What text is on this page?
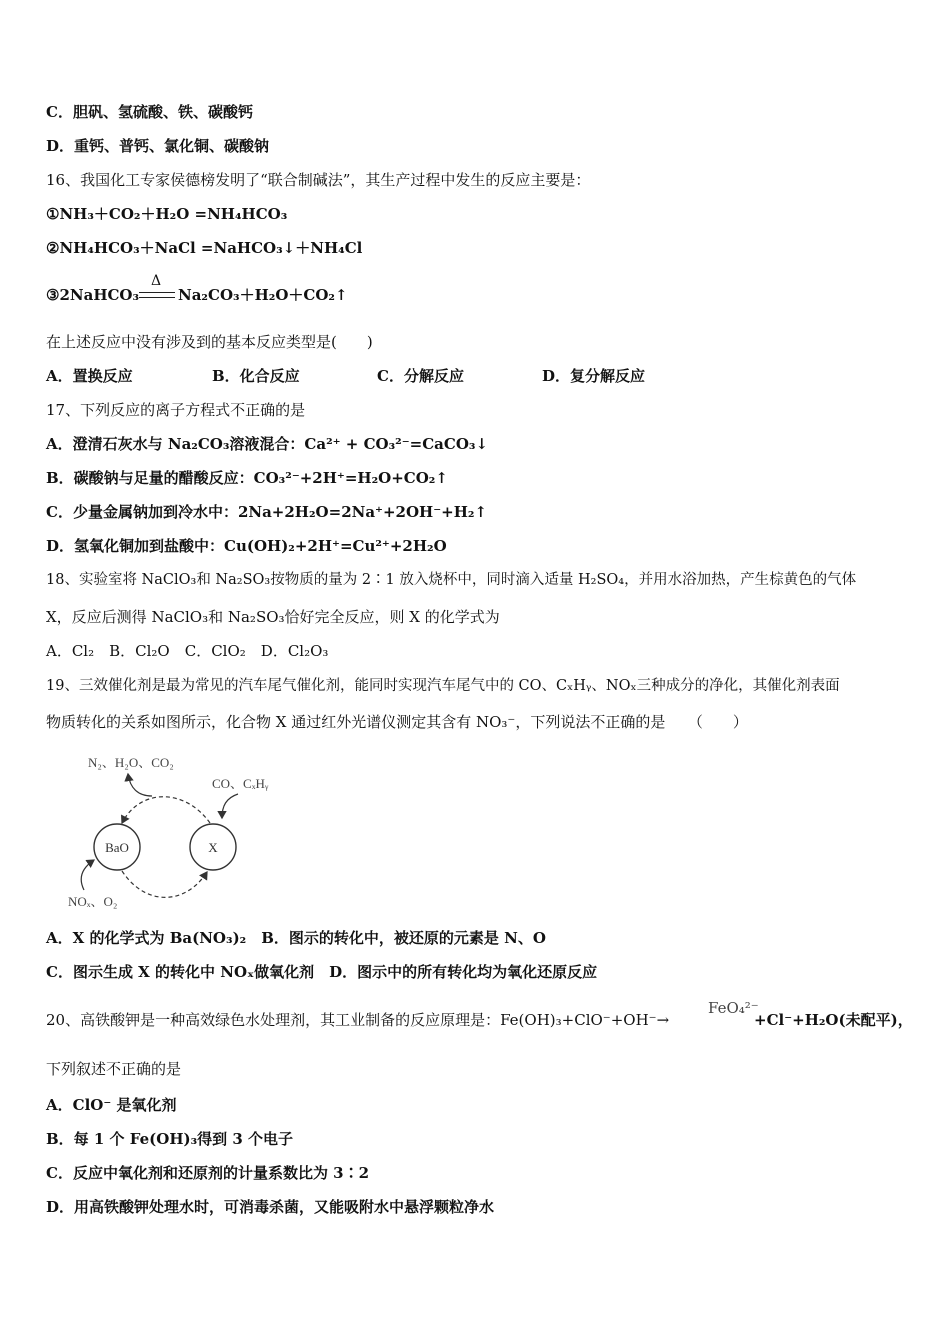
C．胆矾、氢硫酸、铁、碳酸钙
D．重钙、普钙、氯化铜、碳酸钠
16、我国化工专家侯德榜发明了“联合制碱法”，其生产过程中发生的反应主要是：
①NH₃＋CO₂＋H₂O =NH₄HCO₃
②NH₄HCO₃＋NaCl =NaHCO₃↓＋NH₄Cl
③2NaHCO₃
Δ
Na₂CO₃＋H₂O＋CO₂↑
在上述反应中没有涉及到的基本反应类型是(　　)
A．置换反应	B．化合反应	C．分解反应	D．复分解反应
17、下列反应的离子方程式不正确的是
A．澄清石灰水与 Na₂CO₃溶液混合：Ca²⁺ + CO₃²⁻=CaCO₃↓
B．碳酸钠与足量的醋酸反应：CO₃²⁻+2H⁺=H₂O+CO₂↑
C．少量金属钠加到冷水中：2Na+2H₂O=2Na⁺+2OH⁻+H₂↑
D．氢氧化铜加到盐酸中：Cu(OH)₂+2H⁺=Cu²⁺+2H₂O
18、实验室将 NaClO₃和 Na₂SO₃按物质的量为 2∶1 放入烧杯中，同时滴入适量 H₂SO₄，并用水浴加热，产生棕黄色的气体
X，反应后测得 NaClO₃和 Na₂SO₃恰好完全反应，则 X 的化学式为
A．Cl₂　B．Cl₂O　C．ClO₂　D．Cl₂O₃
19、三效催化剂是最为常见的汽车尾气催化剂，能同时实现汽车尾气中的 CO、CₓHᵧ、NOₓ三种成分的净化，其催化剂表面
物质转化的关系如图所示，化合物 X 通过红外光谱仪测定其含有 NO₃⁻，下列说法不正确的是　　（　　）
N₂、H₂O、CO₂
CO、CₓHᵧ
BaO	X
NOₓ、O₂
A．X 的化学式为 Ba(NO₃)₂　B．图示的转化中，被还原的元素是 N、O
C．图示生成 X 的转化中 NOₓ做氧化剂　D．图示中的所有转化均为氧化还原反应
20、高铁酸钾是一种高效绿色水处理剂，其工业制备的反应原理是：Fe(OH)₃+ClO⁻+OH⁻→
FeO₄²⁻
+Cl⁻+H₂O(未配平)，
下列叙述不正确的是
A．ClO⁻ 是氧化剂
B．每 1 个 Fe(OH)₃得到 3 个电子
C．反应中氧化剂和还原剂的计量系数比为 3∶2
D．用高铁酸钾处理水时，可消毒杀菌，又能吸附水中悬浮颗粒净水
